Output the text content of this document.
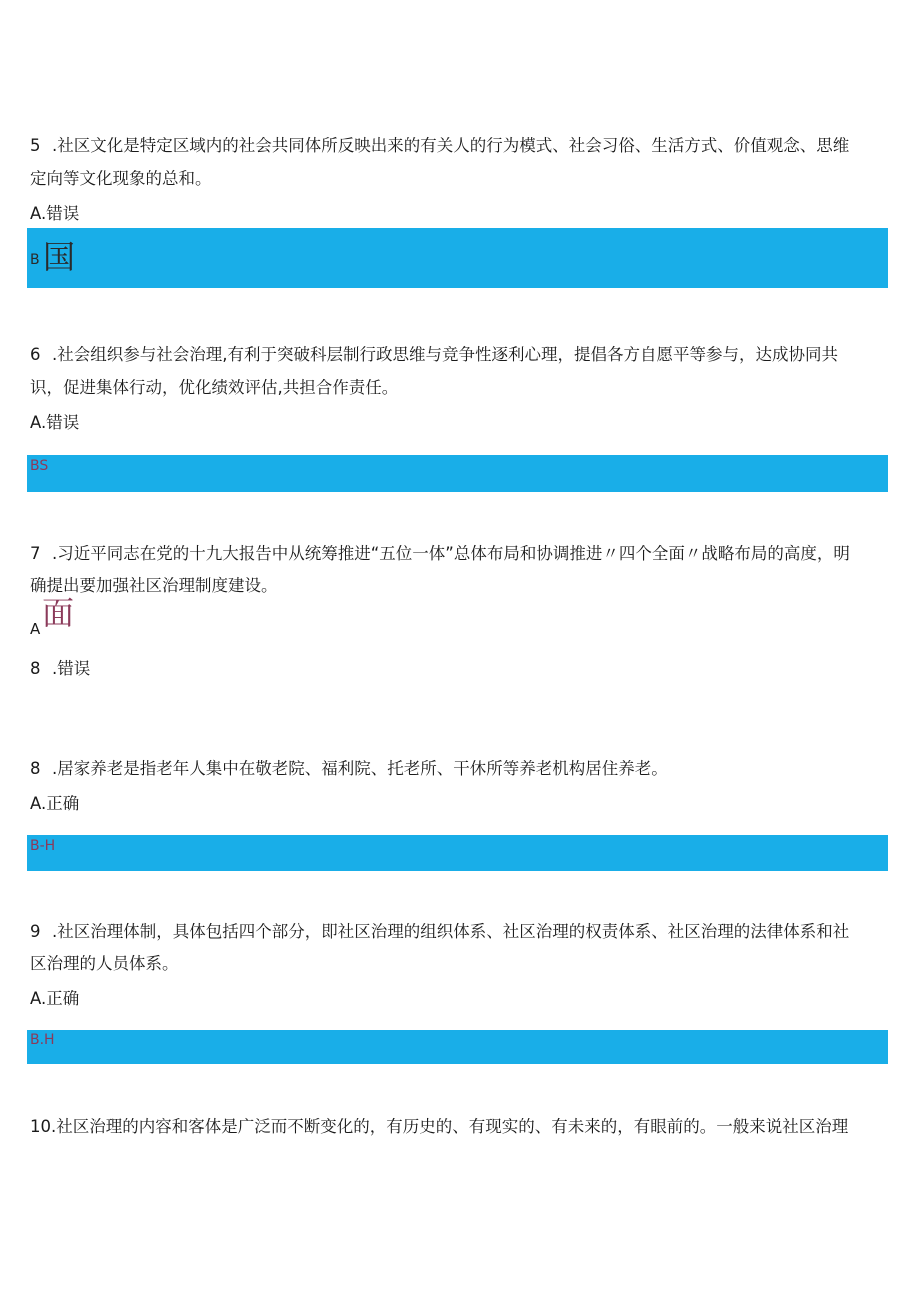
5 .社区文化是特定区域内的社会共同体所反映出来的有关人的行为模式、社会习俗、生活方式、价值观念、思维
定向等文化现象的总和。
A.错误
B 国
6 .社会组织参与社会治理,有利于突破科层制行政思维与竞争性逐利心理，提倡各方自愿平等参与，达成协同共
识，促进集体行动，优化绩效评估,共担合作责任。
A.错误
BS
7 .习近平同志在党的十九大报告中从统筹推进“五位一体”总体布局和协调推进〃四个全面〃战略布局的高度，明
确提出要加强社区治理制度建设。
A 面
8 .错误
8 .居家养老是指老年人集中在敬老院、福利院、托老所、干休所等养老机构居住养老。
A.正确
B-H
9 .社区治理体制，具体包括四个部分，即社区治理的组织体系、社区治理的权责体系、社区治理的法律体系和社
区治理的人员体系。
A.正确
B.H
10.社区治理的内容和客体是广泛而不断变化的，有历史的、有现实的、有未来的，有眼前的。一般来说社区治理
